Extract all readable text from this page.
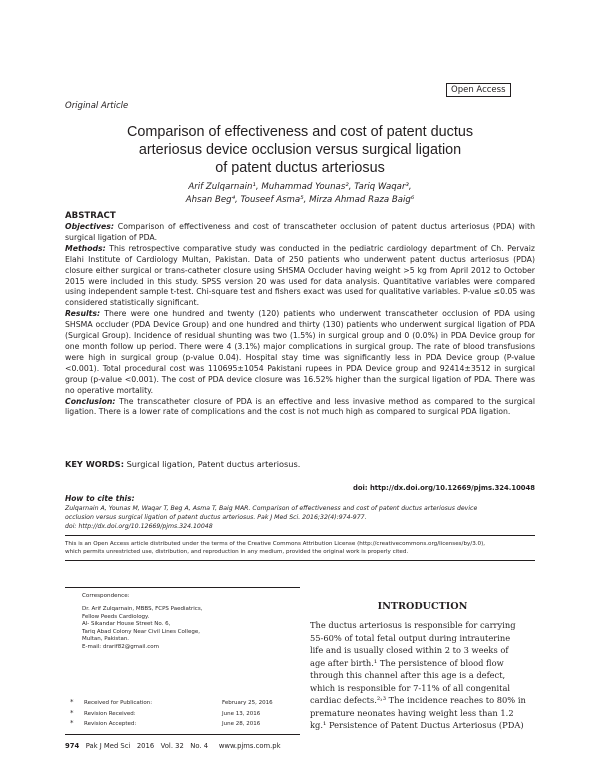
Open Access
Original Article
Comparison of effectiveness and cost of patent ductus
arteriosus device occlusion versus surgical ligation
of patent ductus arteriosus
Arif Zulqarnain¹, Muhammad Younas², Tariq Waqar³,
Ahsan Beg⁴, Touseef Asma⁵, Mirza Ahmad Raza Baig⁶
ABSTRACT

Objectives: Comparison of effectiveness and cost of transcatheter occlusion of patent ductus arteriosus (PDA) with surgical ligation of PDA.

Methods: This retrospective comparative study was conducted in the pediatric cardiology department of Ch. Pervaiz Elahi Institute of Cardiology Multan, Pakistan. Data of 250 patients who underwent patent ductus arteriosus (PDA) closure either surgical or trans-catheter closure using SHSMA Occluder having weight >5 kg from April 2012 to October 2015 were included in this study. SPSS version 20 was used for data analysis. Quantitative variables were compared using independent sample t-test. Chi-square test and fishers exact was used for qualitative variables. P-value ≤0.05 was considered statistically significant.

Results: There were one hundred and twenty (120) patients who underwent transcatheter occlusion of PDA using SHSMA occluder (PDA Device Group) and one hundred and thirty (130) patients who underwent surgical ligation of PDA (Surgical Group). Incidence of residual shunting was two (1.5%) in surgical group and 0 (0.0%) in PDA Device group for one month follow up period. There were 4 (3.1%) major complications in surgical group. The rate of blood transfusions were high in surgical group (p-value 0.04). Hospital stay time was significantly less in PDA Device group (P-value <0.001). Total procedural cost was 110695±1054 Pakistani rupees in PDA Device group and 92414±3512 in surgical group (p-value <0.001). The cost of PDA device closure was 16.52% higher than the surgical ligation of PDA. There was no operative mortality.

Conclusion: The transcatheter closure of PDA is an effective and less invasive method as compared to the surgical ligation. There is a lower rate of complications and the cost is not much high as compared to surgical PDA ligation.

KEY WORDS: Surgical ligation, Patent ductus arteriosus.
doi: http://dx.doi.org/10.12669/pjms.324.10048
How to cite this:
Zulqarnain A, Younas M, Waqar T, Beg A, Asma T, Baig MAR. Comparison of effectiveness and cost of patent ductus arteriosus device
occlusion versus surgical ligation of patent ductus arteriosus. Pak J Med Sci. 2016;32(4):974-977.
doi: http://dx.doi.org/10.12669/pjms.324.10048
This is an Open Access article distributed under the terms of the Creative Commons Attribution License (http://creativecommons.org/licenses/by/3.0),
which permits unrestricted use, distribution, and reproduction in any medium, provided the original work is properly cited.
Correspondence:
Dr. Arif Zulqarnain, MBBS, FCPS Paediatrics,
Fellow Peeds Cardiology.
Al- Sikandar House Street No. 6,
Tariq Abad Colony Near Civil Lines College,
Multan, Pakistan.
E-mail: drarif82@gmail.com
* Received for Publication:	February 25, 2016
* Revision Received:	June 13, 2016
* Revision Accepted:	June 28, 2016
INTRODUCTION
The ductus arteriosus is responsible for carrying
55-60% of total fetal output during intrauterine
life and is usually closed within 2 to 3 weeks of
age after birth.¹ The persistence of blood flow
through this channel after this age is a defect,
which is responsible for 7-11% of all congenital
cardiac defects.²˒³ The incidence reaches to 80% in
premature neonates having weight less than 1.2
kg.¹ Persistence of Patent Ductus Arteriosus (PDA)
974 Pak J Med Sci 2016 Vol. 32 No. 4 www.pjms.com.pk
